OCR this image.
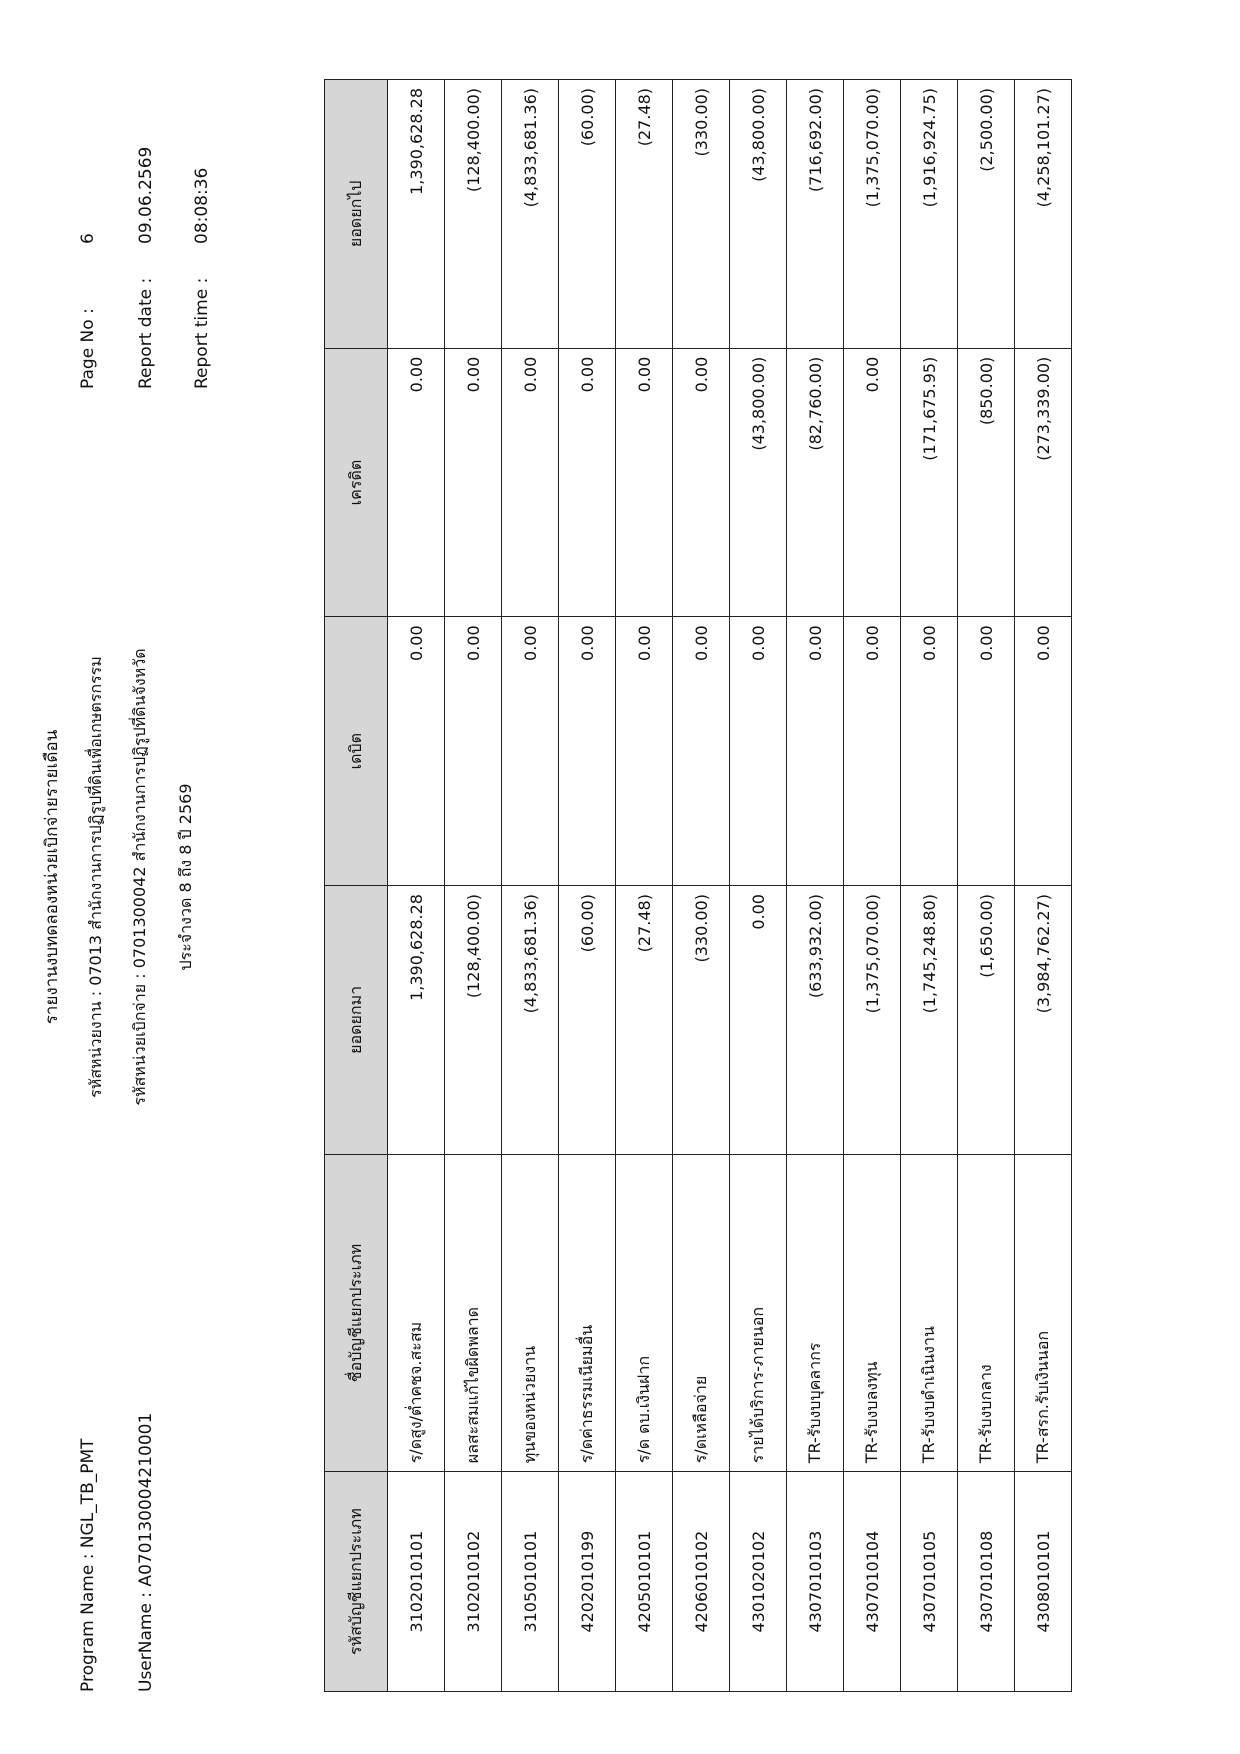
Program Name : NGL_TB_PMT UserName : A070130004210001
รายงานงบทดลองหน่วยเบิกจ่ายรายเดือน รหัสหน่วยงาน : 07013 สำนักงานการปฏิรูปที่ดินเพื่อเกษตรกรรม รหัสหน่วยเบิกจ่าย : 0701300042 สำนักงานการปฏิรูปที่ดินจังหวัด ประจำงวด 8 ถึง 8 ปี 2569
Page No :6
Report date :09.06.2569
Report time :08:08:36
รหัสบัญชีแยกประเภท	ชื่อบัญชีแยกประเภท	ยอดยกมา	เดบิต	เครดิต	ยอดยกไป
3102010101	ร/ดสูง/ต่ำคชจ.สะสม	1,390,628.28	0.00	0.00	1,390,628.28
3102010102	ผลสะสมแก้ไขผิดพลาด	(128,400.00)	0.00	0.00	(128,400.00)
3105010101	ทุนของหน่วยงาน	(4,833,681.36)	0.00	0.00	(4,833,681.36)
4202010199	ร/ดค่าธรรมเนียมอื่น	(60.00)	0.00	0.00	(60.00)
4205010101	ร/ด ดบ.เงินฝาก	(27.48)	0.00	0.00	(27.48)
4206010102	ร/ดเหลือจ่าย	(330.00)	0.00	0.00	(330.00)
4301020102	รายได้บริการ-ภายนอก	0.00	0.00	(43,800.00)	(43,800.00)
4307010103	TR-รับงบบุคลากร	(633,932.00)	0.00	(82,760.00)	(716,692.00)
4307010104	TR-รับงบลงทุน	(1,375,070.00)	0.00	0.00	(1,375,070.00)
4307010105	TR-รับงบดำเนินงาน	(1,745,248.80)	0.00	(171,675.95)	(1,916,924.75)
4307010108	TR-รับงบกลาง	(1,650.00)	0.00	(850.00)	(2,500.00)
4308010101	TR-สรก.รับเงินนอก	(3,984,762.27)	0.00	(273,339.00)	(4,258,101.27)
